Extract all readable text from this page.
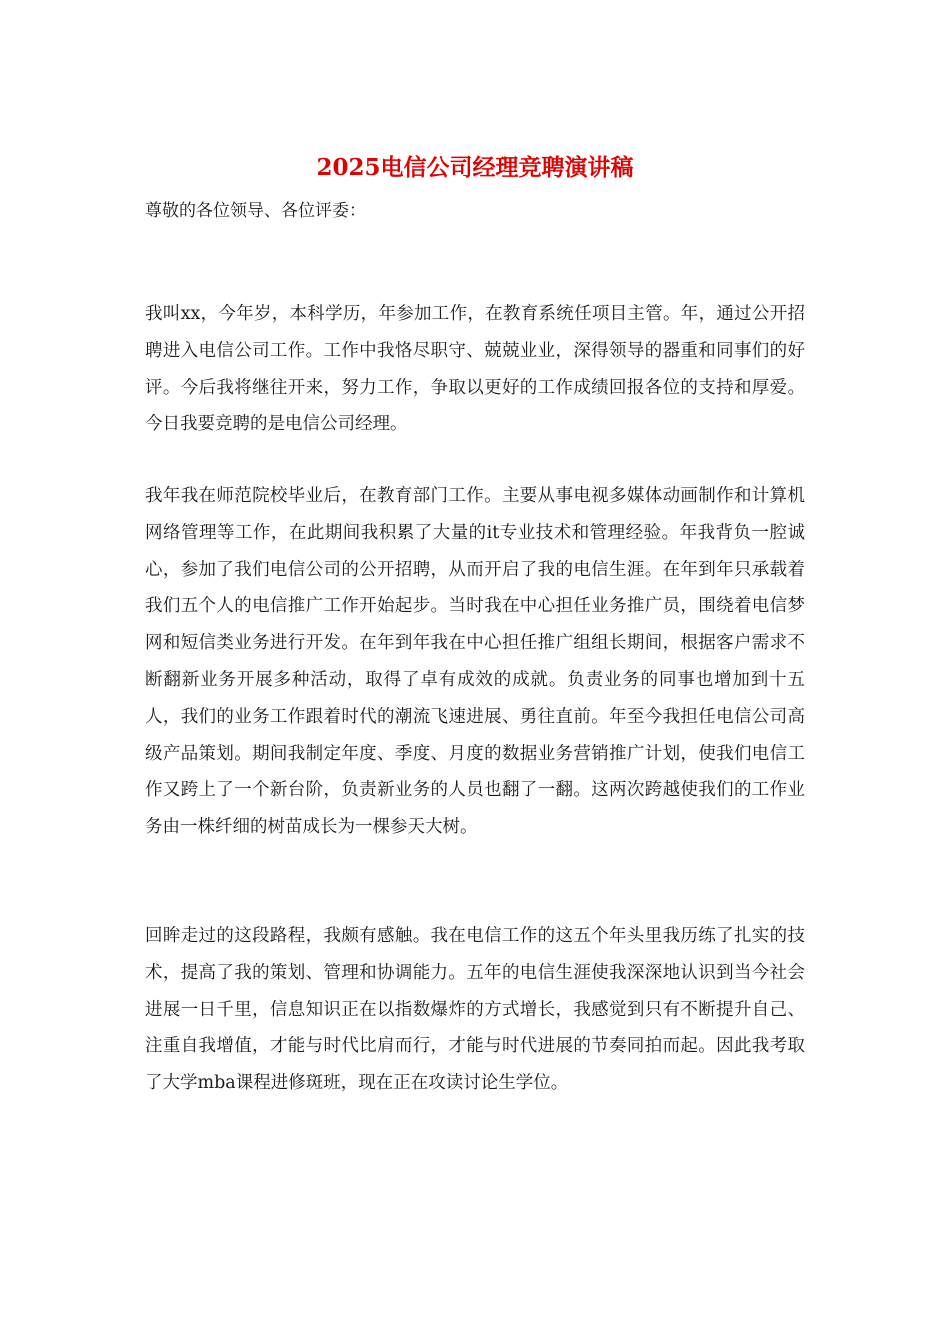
2025电信公司经理竞聘演讲稿

尊敬的各位领导、各位评委：

我叫xx，今年岁，本科学历，年参加工作，在教育系统任项目主管。年，通过公开招聘进入电信公司工作。工作中我恪尽职守、兢兢业业，深得领导的器重和同事们的好评。今后我将继往开来，努力工作，争取以更好的工作成绩回报各位的支持和厚爱。今日我要竞聘的是电信公司经理。

我年我在师范院校毕业后，在教育部门工作。主要从事电视多媒体动画制作和计算机网络管理等工作，在此期间我积累了大量的it专业技术和管理经验。年我背负一腔诚心，参加了我们电信公司的公开招聘，从而开启了我的电信生涯。在年到年只承载着我们五个人的电信推广工作开始起步。当时我在中心担任业务推广员，围绕着电信梦网和短信类业务进行开发。在年到年我在中心担任推广组组长期间，根据客户需求不断翻新业务开展多种活动，取得了卓有成效的成就。负责业务的同事也增加到十五人，我们的业务工作跟着时代的潮流飞速进展、勇往直前。年至今我担任电信公司高级产品策划。期间我制定年度、季度、月度的数据业务营销推广计划，使我们电信工作又跨上了一个新台阶，负责新业务的人员也翻了一翻。这两次跨越使我们的工作业务由一株纤细的树苗成长为一棵参天大树。

回眸走过的这段路程，我颇有感触。我在电信工作的这五个年头里我历练了扎实的技术，提高了我的策划、管理和协调能力。五年的电信生涯使我深深地认识到当今社会进展一日千里，信息知识正在以指数爆炸的方式增长，我感觉到只有不断提升自己、注重自我增值，才能与时代比肩而行，才能与时代进展的节奏同拍而起。因此我考取了大学mba课程进修斑班，现在正在攻读讨论生学位。
